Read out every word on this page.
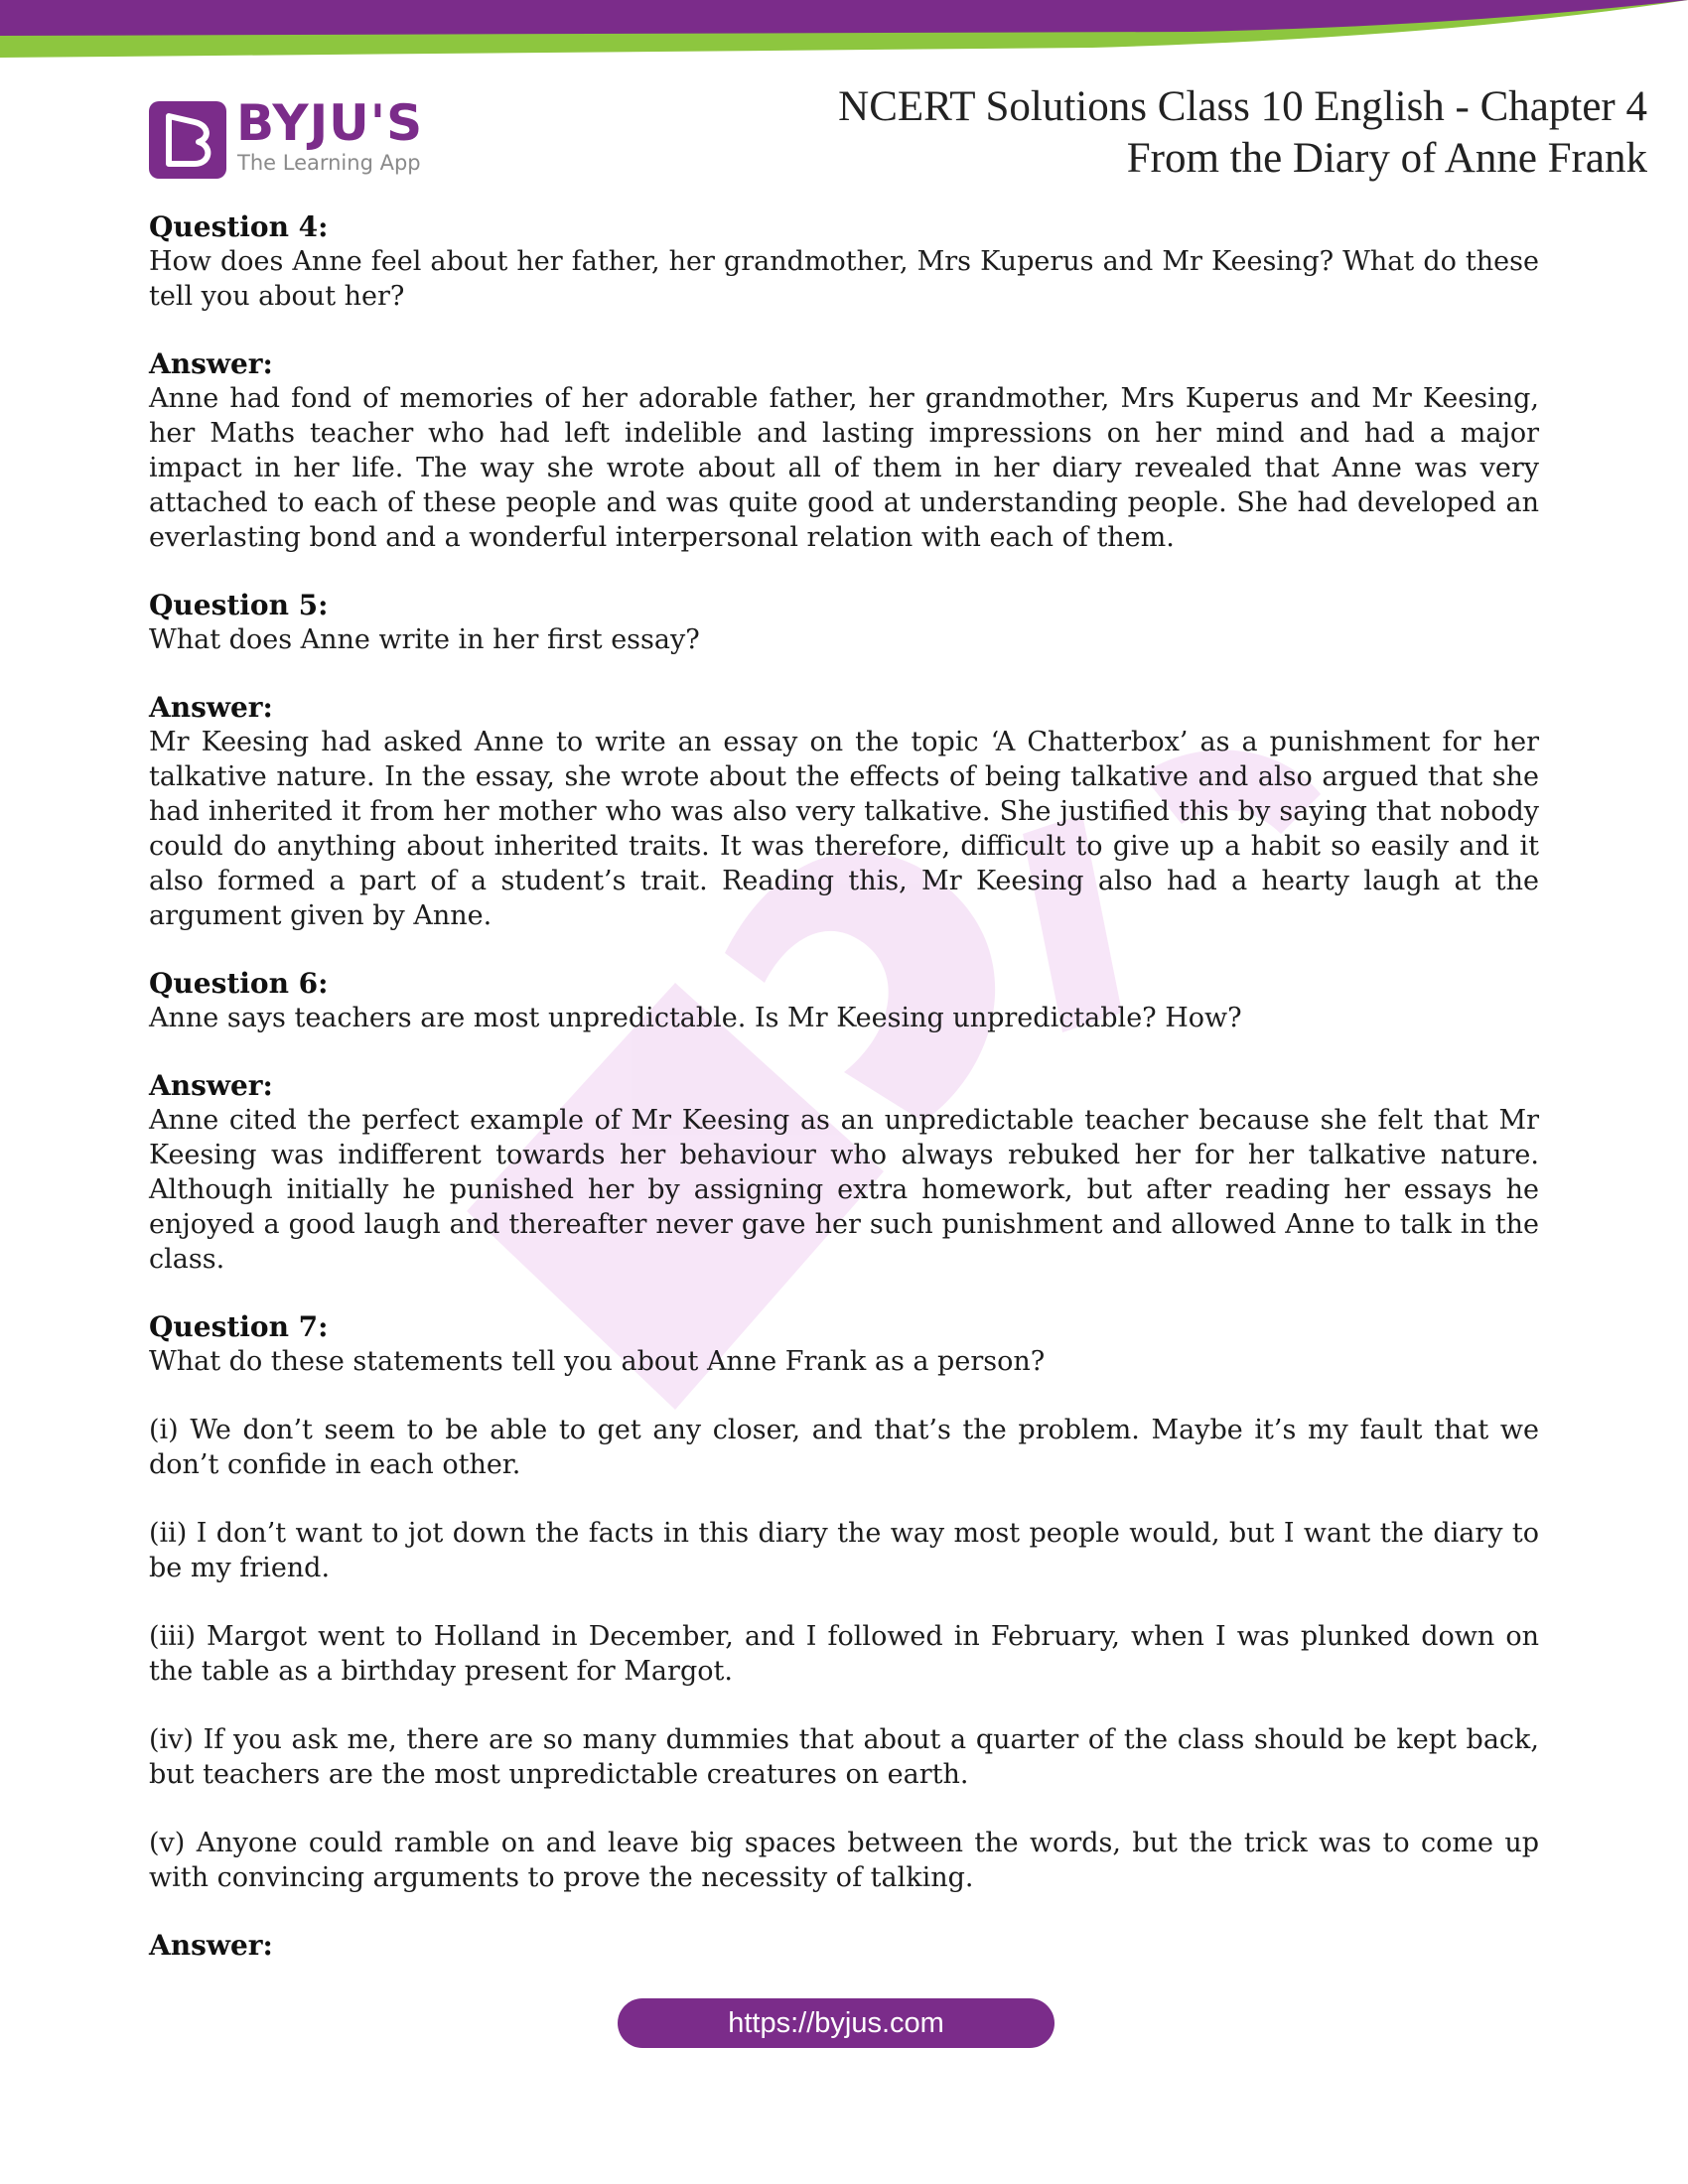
BYJU'S
The Learning App
NCERT Solutions Class 10 English - Chapter 4
From the Diary of Anne Frank

Question 4:

How does Anne feel about her father, her grandmother, Mrs Kuperus and Mr Keesing? What do these tell you about her?

Answer:

Anne had fond of memories of her adorable father, her grandmother, Mrs Kuperus and Mr Keesing, her Maths teacher who had left indelible and lasting impressions on her mind and had a major impact in her life. The way she wrote about all of them in her diary revealed that Anne was very attached to each of these people and was quite good at understanding people. She had developed an everlasting bond and a wonderful interpersonal relation with each of them.

Question 5:

What does Anne write in her first essay?

Answer:

Mr Keesing had asked Anne to write an essay on the topic ‘A Chatterbox’ as a punishment for her talkative nature. In the essay, she wrote about the effects of being talkative and also argued that she had inherited it from her mother who was also very talkative. She justified this by saying that nobody could do anything about inherited traits. It was therefore, difficult to give up a habit so easily and it also formed a part of a student’s trait. Reading this, Mr Keesing also had a hearty laugh at the argument given by Anne.

Question 6:

Anne says teachers are most unpredictable. Is Mr Keesing unpredictable? How?

Answer:

Anne cited the perfect example of Mr Keesing as an unpredictable teacher because she felt that Mr Keesing was indifferent towards her behaviour who always rebuked her for her talkative nature. Although initially he punished her by assigning extra homework, but after reading her essays he enjoyed a good laugh and thereafter never gave her such punishment and allowed Anne to talk in the class.

Question 7:

What do these statements tell you about Anne Frank as a person?

(i) We don’t seem to be able to get any closer, and that’s the problem. Maybe it’s my fault that we don’t confide in each other.

(ii) I don’t want to jot down the facts in this diary the way most people would, but I want the diary to be my friend.

(iii) Margot went to Holland in December, and I followed in February, when I was plunked down on the table as a birthday present for Margot.

(iv) If you ask me, there are so many dummies that about a quarter of the class should be kept back, but teachers are the most unpredictable creatures on earth.

(v) Anyone could ramble on and leave big spaces between the words, but the trick was to come up with convincing arguments to prove the necessity of talking.

Answer:

https://byjus.com
